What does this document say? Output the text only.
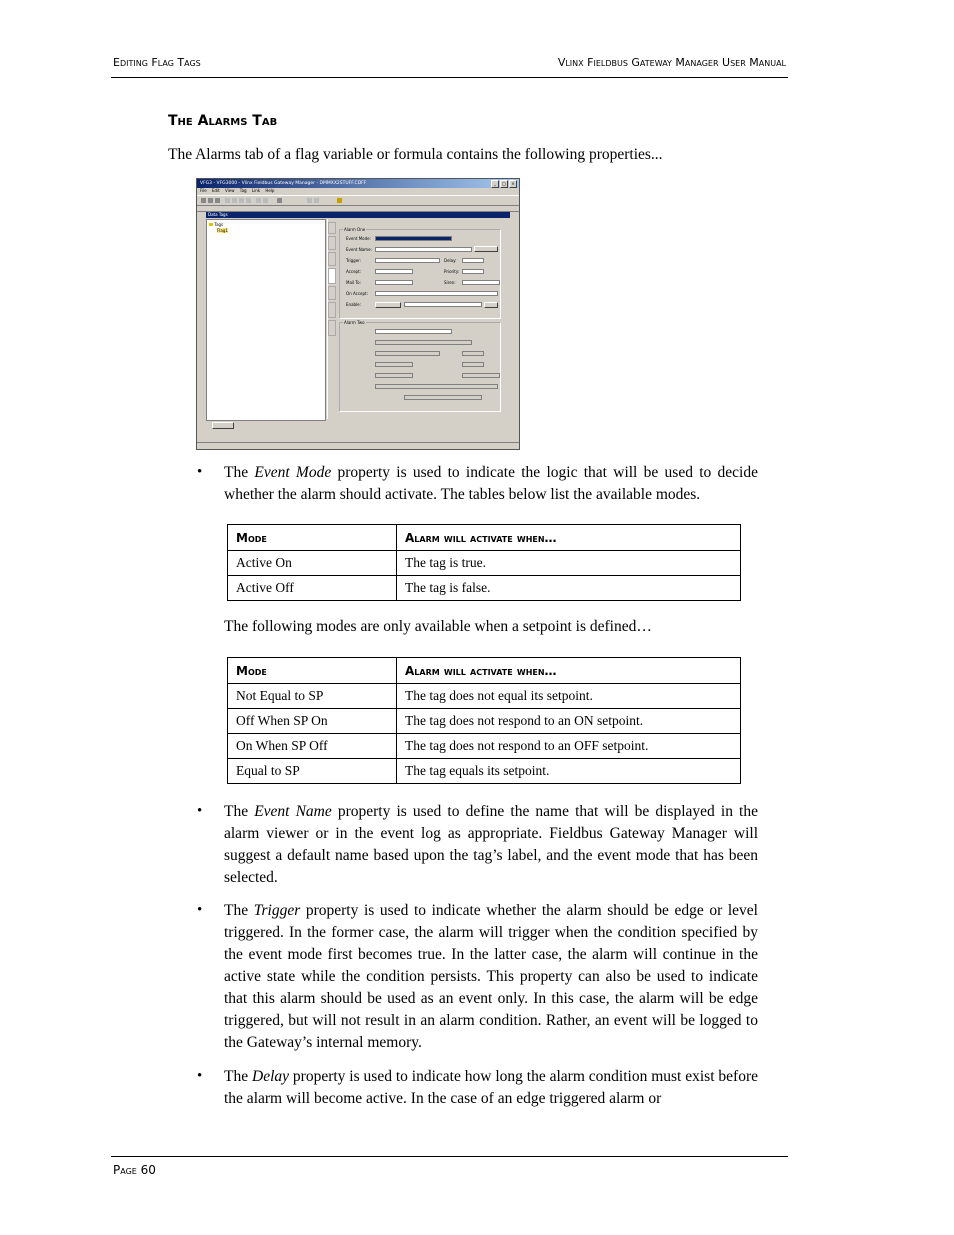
Editing Flag Tags	Vlinx Fieldbus Gateway Manager User Manual
The Alarms Tab
The Alarms tab of a flag variable or formula contains the following properties...
VFG3 - VFG3000 - Vlinx Fieldbus Gateway Manager - DMMXX2STUFF.CDFF	_	□	×
File Edit View Tag Link Help
Data Tags
Tags
Flag1	Alarm One
Event Mode:
Event Name:
Trigger:	Delay:
Accept:	Priority:
Mail To:	Siren:
On Accept:
Enable:
Alarm Two
• The Event Mode property is used to indicate the logic that will be used to decide whether the alarm should activate. The tables below list the available modes.
Mode	Alarm will activate when…
Active On	The tag is true.
Active Off	The tag is false.
The following modes are only available when a setpoint is defined…
Mode	Alarm will activate when…
Not Equal to SP	The tag does not equal its setpoint.
Off When SP On	The tag does not respond to an ON setpoint.
On When SP Off	The tag does not respond to an OFF setpoint.
Equal to SP	The tag equals its setpoint.
• The Event Name property is used to define the name that will be displayed in the alarm viewer or in the event log as appropriate. Fieldbus Gateway Manager will suggest a default name based upon the tag’s label, and the event mode that has been selected.
• The Trigger property is used to indicate whether the alarm should be edge or level triggered. In the former case, the alarm will trigger when the condition specified by the event mode first becomes true. In the latter case, the alarm will continue in the active state while the condition persists. This property can also be used to indicate that this alarm should be used as an event only. In this case, the alarm will be edge triggered, but will not result in an alarm condition. Rather, an event will be logged to the Gateway’s internal memory.
• The Delay property is used to indicate how long the alarm condition must exist before the alarm will become active. In the case of an edge triggered alarm or
Page 60
